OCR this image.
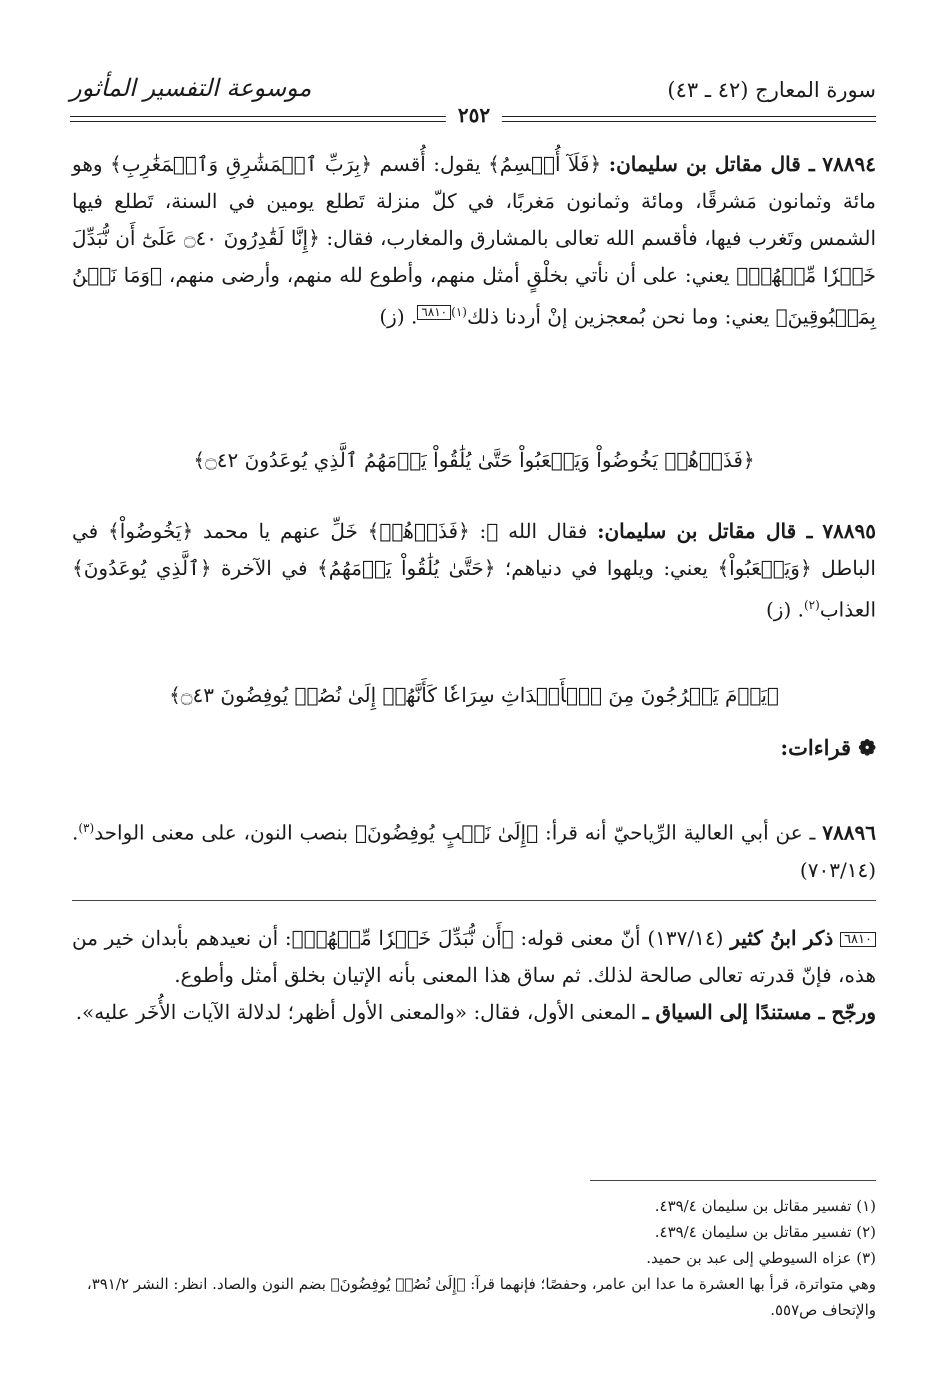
سورة المعارج (٤٢ ـ ٤٣)
موسوعة التفسير المأثور
٢٥٢

٧٨٨٩٤ ـ قال مقاتل بن سليمان: ﴿فَلَآ أُقۡسِمُ﴾ يقول: أُقسم ﴿بِرَبِّ ٱلۡمَشَٰرِقِ وَٱلۡمَغَٰرِبِ﴾ وهو مائة وثمانون مَشرقًا، ومائة وثمانون مَغربًا، في كلّ منزلة تَطلع يومين في السنة، تَطلع فيها الشمس وتَغرب فيها، فأقسم الله تعالى بالمشارق والمغارب، فقال: ﴿إِنَّا لَقَٰدِرُونَ ۝٤٠ عَلَىٰٓ أَن نُّبَدِّلَ خَيۡرٗا مِّنۡهُمۡ﴾ يعني: على أن نأتي بخلْقٍ أمثل منهم، وأطوع لله منهم، وأرضى منهم، ﴿وَمَا نَحۡنُ بِمَسۡبُوقِينَ﴾ يعني: وما نحن بُمعجزين إنْ أردنا ذلك$^{(١)}$٦٨١٠. (ز)

﴿فَذَرۡهُمۡ يَخُوضُواْ وَيَلۡعَبُواْ حَتَّىٰ يُلَٰقُواْ يَوۡمَهُمُ ٱلَّذِي يُوعَدُونَ ۝٤٢﴾

٧٨٨٩٥ ـ قال مقاتل بن سليمان: فقال الله ﷻ: ﴿فَذَرۡهُمۡ﴾ خَلِّ عنهم يا محمد ﴿يَخُوضُواْ﴾ في الباطل ﴿وَيَلۡعَبُواْ﴾ يعني: ويلهوا في دنياهم؛ ﴿حَتَّىٰ يُلَٰقُواْ يَوۡمَهُمُ﴾ في الآخرة ﴿ٱلَّذِي يُوعَدُونَ﴾ العذاب$^{(٢)}$. (ز)

﴿يَوۡمَ يَخۡرُجُونَ مِنَ ٱلۡأَجۡدَاثِ سِرَاعٗا كَأَنَّهُمۡ إِلَىٰ نُصُبٖ يُوفِضُونَ ۝٤٣﴾
❁ قراءات:

٧٨٨٩٦ ـ عن أبي العالية الرِّياحيّ أنه قرأ: ﴿إِلَىٰ نَصۡبٍ يُوفِضُونَ﴾ بنصب النون، على معنى الواحد$^{(٣)}$. (٧٠٣/١٤)

٦٨١٠ ذكر ابنُ كثير (١٣٧/١٤) أنّ معنى قوله: ﴿أَن نُّبَدِّلَ خَيۡرٗا مِّنۡهُمۡ﴾: أن نعيدهم بأبدان خير من هذه، فإنّ قدرته تعالى صالحة لذلك. ثم ساق هذا المعنى بأنه الإتيان بخلق أمثل وأطوع.

ورجّح ـ مستندًا إلى السياق ـ المعنى الأول، فقال: «والمعنى الأول أظهر؛ لدلالة الآيات الأُخَر عليه».

(١) تفسير مقاتل بن سليمان ٤٣٩/٤.

(٢) تفسير مقاتل بن سليمان ٤٣٩/٤.

(٣) عزاه السيوطي إلى عبد بن حميد.

وهي متواترة، قرأ بها العشرة ما عدا ابن عامر، وحفصًا؛ فإنهما قرآ: ﴿إِلَىٰ نُصُبٖ يُوفِضُونَ﴾ بضم النون والصاد. انظر: النشر ٣٩١/٢، والإتحاف ص٥٥٧.
